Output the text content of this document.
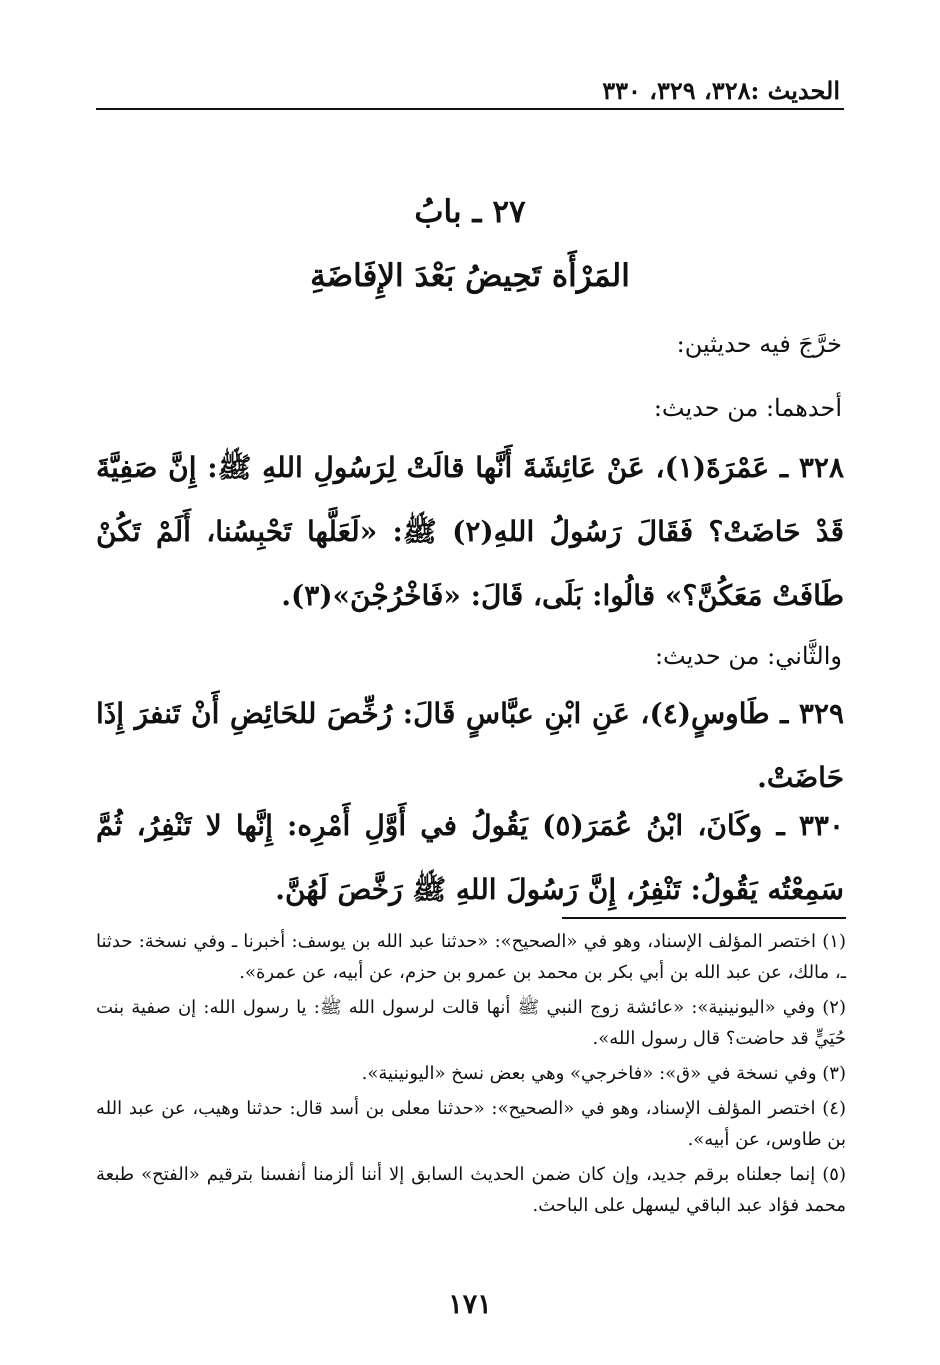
الحديث :٣٢٨، ٣٢٩، ٣٣٠
٢٧ ـ بابُ
المَرْأَة تَحِيضُ بَعْدَ الإِفَاضَةِ
خرَّجَ فيه حديثين:
أحدهما: من حديث:
٣٢٨ ـ عَمْرَةَ(١)، عَنْ عَائِشَةَ أَنَّها قالَتْ لِرَسُولِ اللهِ ﷺ: إِنَّ صَفِيَّةَ قَدْ حَاضَتْ؟ فَقَالَ رَسُولُ اللهِ(٢) ﷺ: «لَعَلَّها تَحْبِسُنا، أَلَمْ تَكُنْ طَافَتْ مَعَكُنَّ؟» قالُوا: بَلَى، قَالَ: «فَاخْرُجْنَ»(٣).
والثَّاني: من حديث:
٣٢٩ ـ طَاوسٍ(٤)، عَنِ ابْنِ عبَّاسٍ قَالَ: رُخِّصَ للحَائِضِ أَنْ تَنفرَ إِذَا حَاضَتْ.
٣٣٠ ـ وكَانَ، ابْنُ عُمَرَ(٥) يَقُولُ في أَوَّلِ أَمْرِه: إِنَّها لا تَنْفِرُ، ثُمَّ سَمِعْتُه يَقُولُ: تَنْفِرُ، إِنَّ رَسُولَ اللهِ ﷺ رَخَّصَ لَهُنَّ.

(١) اختصر المؤلف الإسناد، وهو في «الصحيح»: «حدثنا عبد الله بن يوسف: أخبرنا ـ وفي نسخة: حدثنا ـ، مالك، عن عبد الله بن أبي بكر بن محمد بن عمرو بن حزم، عن أبيه، عن عمرة».

(٢) وفي «اليونينية»: «عائشة زوج النبي ﷺ أنها قالت لرسول الله ﷺ: يا رسول الله: إن صفية بنت حُيَيٍّ قد حاضت؟ قال رسول الله».

(٣) وفي نسخة في «ق»: «فاخرجي» وهي بعض نسخ «اليونينية».

(٤) اختصر المؤلف الإسناد، وهو في «الصحيح»: «حدثنا معلى بن أسد قال: حدثنا وهيب، عن عبد الله بن طاوس، عن أبيه».

(٥) إنما جعلناه برقم جديد، وإن كان ضمن الحديث السابق إلا أننا ألزمنا أنفسنا بترقيم «الفتح» طبعة محمد فؤاد عبد الباقي ليسهل على الباحث.

١٧١
